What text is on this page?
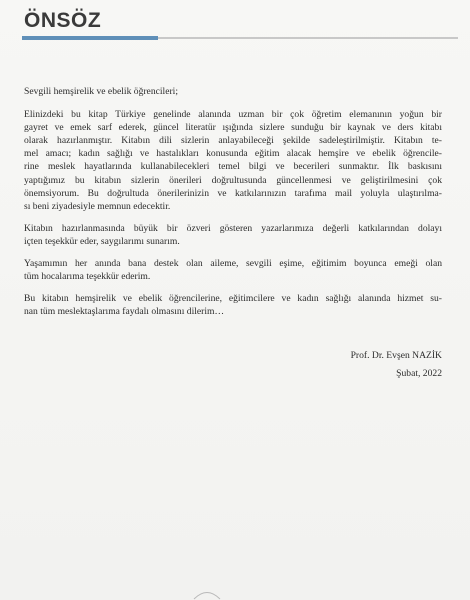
ÖNSÖZ
Sevgili hemşirelik ve ebelik öğrencileri;
Elinizdeki bu kitap Türkiye genelinde alanında uzman bir çok öğretim elemanının yoğun bir
gayret ve emek sarf ederek, güncel literatür ışığında sizlere sunduğu bir kaynak ve ders kitabı
olarak hazırlanmıştır. Kitabın dili sizlerin anlayabileceği şekilde sadeleştirilmiştir. Kitabın te-
mel amacı; kadın sağlığı ve hastalıkları konusunda eğitim alacak hemşire ve ebelik öğrencile-
rine meslek hayatlarında kullanabilecekleri temel bilgi ve becerileri sunmaktır. İlk baskısını
yaptığımız bu kitabın sizlerin önerileri doğrultusunda güncellenmesi ve geliştirilmesini çok
önemsiyorum. Bu doğrultuda önerilerinizin ve katkılarınızın tarafıma mail yoluyla ulaştırılma-
sı beni ziyadesiyle memnun edecektir.
Kitabın hazırlanmasında büyük bir özveri gösteren yazarlarımıza değerli katkılarından dolayı
içten teşekkür eder, saygılarımı sunarım.
Yaşamımın her anında bana destek olan aileme, sevgili eşime, eğitimim boyunca emeği olan
tüm hocalarıma teşekkür ederim.
Bu kitabın hemşirelik ve ebelik öğrencilerine, eğitimcilere ve kadın sağlığı alanında hizmet su-
nan tüm meslektaşlarıma faydalı olmasını dilerim…
Prof. Dr. Evşen NAZİK
Şubat, 2022
